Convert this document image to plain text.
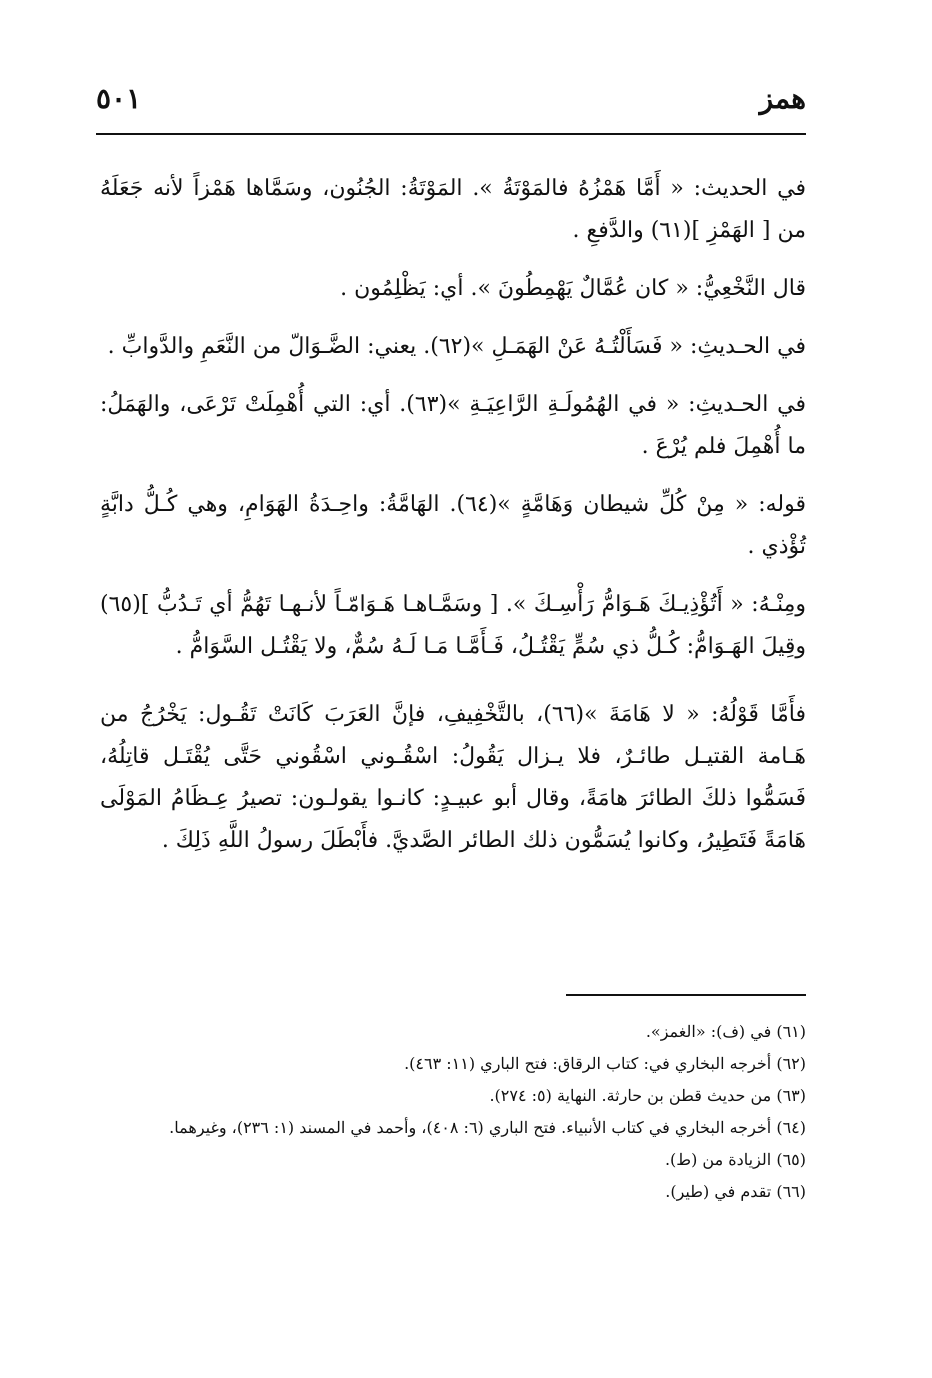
همز
٥٠١

في الحديث: « أَمَّا هَمْزُهُ فالمَوْتَةُ ». المَوْتَةُ: الجُنُون، وسَمَّاها هَمْزاً لأنه جَعَلَهُ من [ الهَمْزِ ](٦١) والدَّفعِ .

قال النَّخْعِيُّ: « كان عُمَّالٌ يَهْمِطُونَ ». أي: يَظْلِمُون .

في الحـديثِ: « فَسَأَلْتُـهُ عَنْ الهَمَـلِ »(٦٢). يعني: الضَّـوَالّ من النَّعَمِ والدَّوابِّ .

في الحـديثِ: « في الهُمُولَـةِ الرَّاعِيَـةِ »(٦٣). أي: التي أُهْمِلَتْ تَرْعَى، والهَمَلُ: ما أُهْمِلَ فلم يُرْعَ .

قوله: « مِنْ كُلِّ شيطان وَهَامَّةٍ »(٦٤). الهَامَّةُ: واحِـدَةُ الهَوَامِ، وهي كُـلُّ دابَّةٍ تُؤْذي .

ومِنْـهُ: « أَتُؤْذِيـكَ هَـوَامُّ رَأْسِـكَ ». [ وسَمَّـاهـا هَـوَامّـاً لأنـهـا تَهُمُّ أي تَـدُبُّ ](٦٥) وقِيلَ الهَـوَامُّ: كُـلُّ ذي سُمٍّ يَقْتُـلُ، فَـأَمَّـا مَـا لَـهُ سُمٌّ، ولا يَقْتُـل السَّوَامُّ .

فأَمَّا قَوْلُهُ: « لا هَامَةَ »(٦٦)، بالتَّخْفِيفِ، فإنَّ العَرَبَ كَانَتْ تَقُـول: يَخْرُجُ من هَـامة القتيـل طائـرٌ، فلا يـزال يَقُولُ: اسْقُـوني اسْقُوني حَتَّى يُقْتَـل قاتِلُهُ، فَسَمُّوا ذلكَ الطائرَ هامَةً، وقال أبو عبيـدٍ: كانـوا يقولـون: تصيرُ عِـظَامُ المَوْلَى هَامَةً فَتَطِيرُ، وكانوا يُسَمُّون ذلك الطائر الصَّديَّ. فأَبْطَلَ رسولُ اللَّهِ ذَلِكَ .

(٦١) في (ف): «الغمز».

(٦٢) أخرجه البخاري في: كتاب الرقاق: فتح الباري (١١: ٤٦٣).

(٦٣) من حديث قطن بن حارثة. النهاية (٥: ٢٧٤).

(٦٤) أخرجه البخاري في كتاب الأنبياء. فتح الباري (٦: ٤٠٨)، وأحمد في المسند (١: ٢٣٦)، وغيرهما.

(٦٥) الزيادة من (ط).

(٦٦) تقدم في (طير).
